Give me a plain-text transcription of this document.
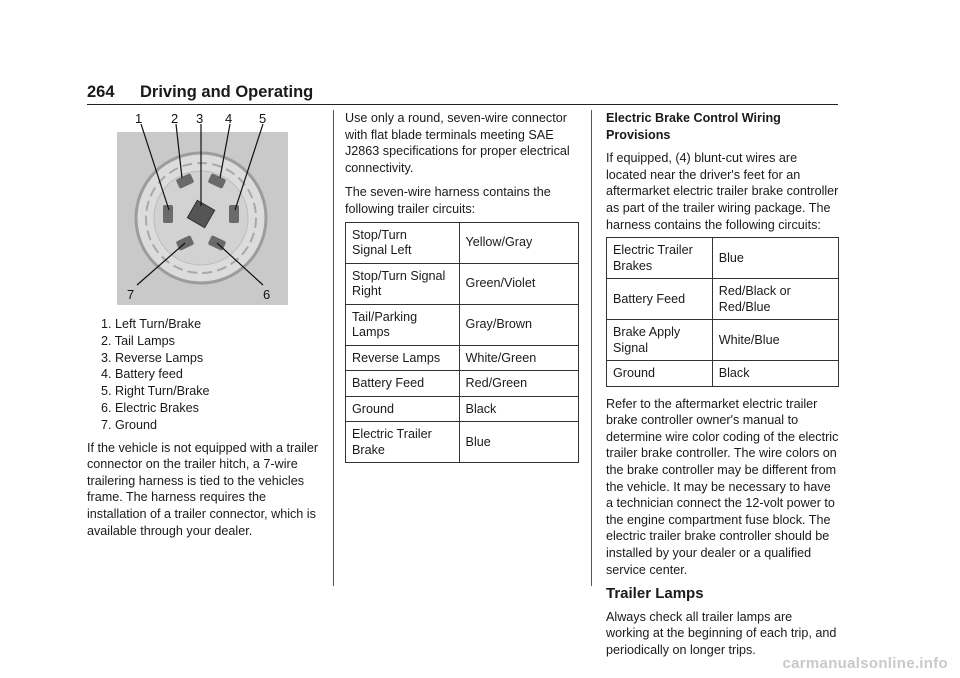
264 Driving and Operating
1 2 3 4 5
6
7
1. Left Turn/Brake
2. Tail Lamps
3. Reverse Lamps
4. Battery feed
5. Right Turn/Brake
6. Electric Brakes
7. Ground

If the vehicle is not equipped with a trailer connector on the trailer hitch, a 7-wire trailering harness is tied to the vehicles frame. The harness requires the installation of a trailer connector, which is available through your dealer.

Use only a round, seven-wire connector with flat blade terminals meeting SAE J2863 specifications for proper electrical connectivity.

The seven-wire harness contains the following trailer circuits:

Stop/Turn
Signal Left	Yellow/Gray
Stop/Turn Signal
Right	Green/Violet
Tail/Parking Lamps	Gray/Brown
Reverse Lamps	White/Green
Battery Feed	Red/Green
Ground	Black
Electric Trailer Brake	Blue

Electric Brake Control Wiring Provisions

If equipped, (4) blunt-cut wires are located near the driver's feet for an aftermarket electric trailer brake controller as part of the trailer wiring package. The harness contains the following circuits:

Electric Trailer
Brakes	Blue
Battery Feed	Red/Black or
Red/Blue
Brake Apply Signal	White/Blue
Ground	Black

Refer to the aftermarket electric trailer brake controller owner's manual to determine wire color coding of the electric trailer brake controller. The wire colors on the brake controller may be different from the vehicle. It may be necessary to have a technician connect the 12-volt power to the engine compartment fuse block. The electric trailer brake controller should be installed by your dealer or a qualified service center.

Trailer Lamps

Always check all trailer lamps are working at the beginning of each trip, and periodically on longer trips.

carmanualsonline.info
